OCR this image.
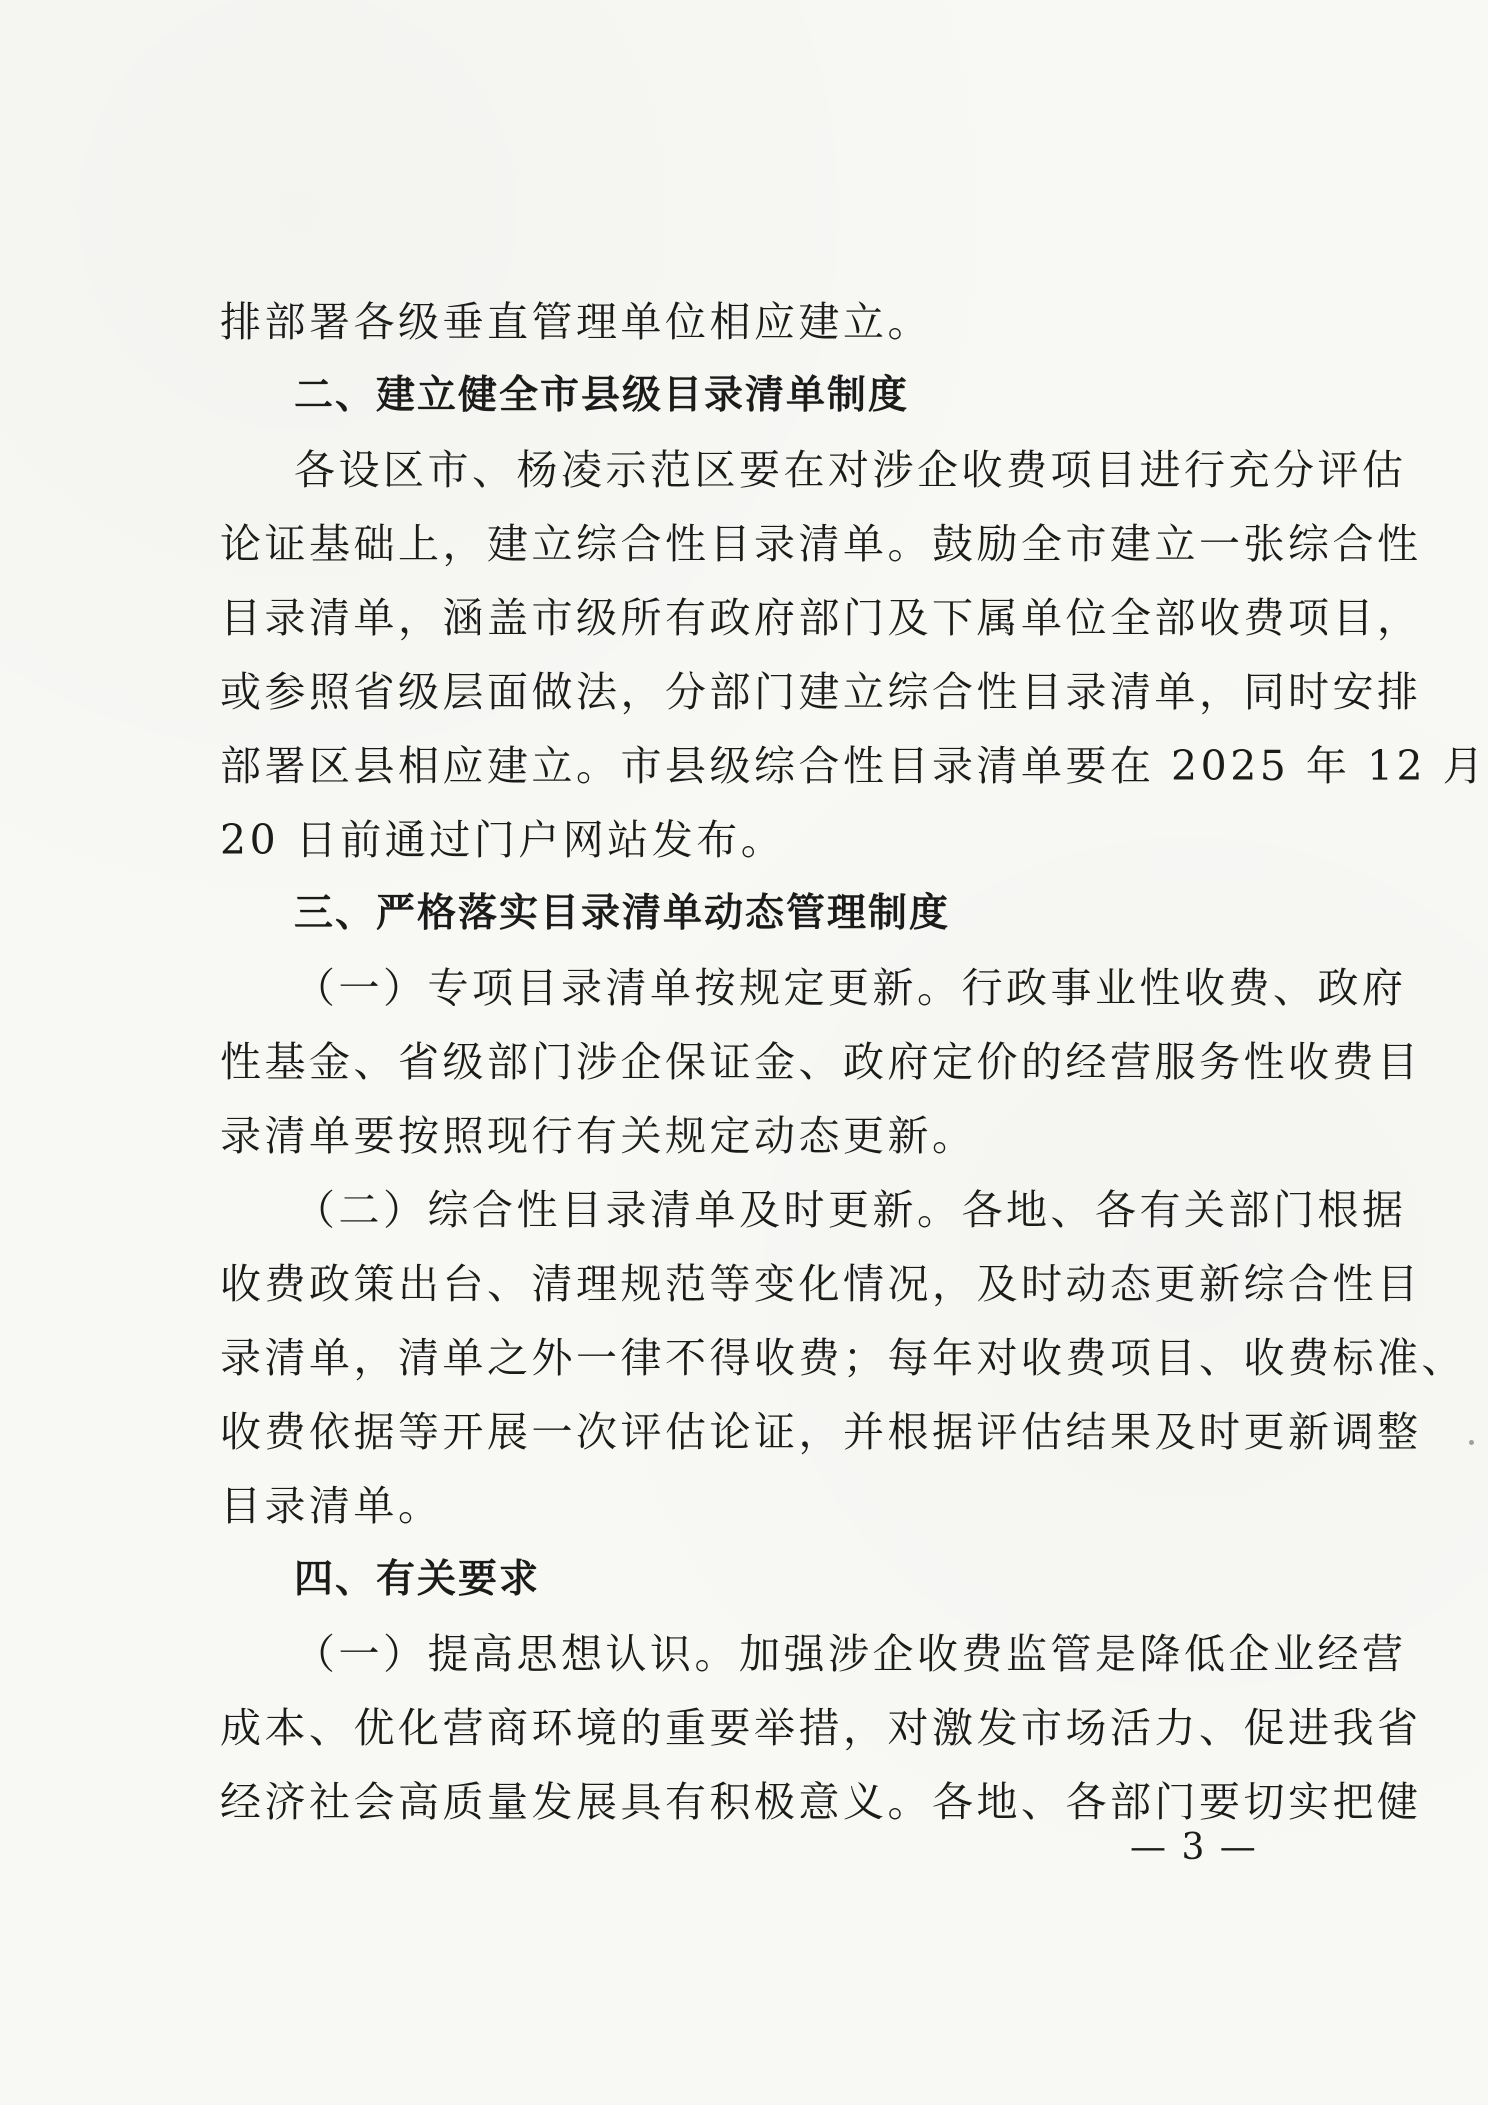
排部署各级垂直管理单位相应建立。
二、建立健全市县级目录清单制度
各设区市、杨凌示范区要在对涉企收费项目进行充分评估
论证基础上，建立综合性目录清单。鼓励全市建立一张综合性
目录清单，涵盖市级所有政府部门及下属单位全部收费项目，
或参照省级层面做法，分部门建立综合性目录清单，同时安排
部署区县相应建立。市县级综合性目录清单要在 2025 年 12 月
20 日前通过门户网站发布。
三、严格落实目录清单动态管理制度
（一）专项目录清单按规定更新。行政事业性收费、政府
性基金、省级部门涉企保证金、政府定价的经营服务性收费目
录清单要按照现行有关规定动态更新。
（二）综合性目录清单及时更新。各地、各有关部门根据
收费政策出台、清理规范等变化情况，及时动态更新综合性目
录清单，清单之外一律不得收费；每年对收费项目、收费标准、
收费依据等开展一次评估论证，并根据评估结果及时更新调整
目录清单。
四、有关要求
（一）提高思想认识。加强涉企收费监管是降低企业经营
成本、优化营商环境的重要举措，对激发市场活力、促进我省
经济社会高质量发展具有积极意义。各地、各部门要切实把健
— 3 —
